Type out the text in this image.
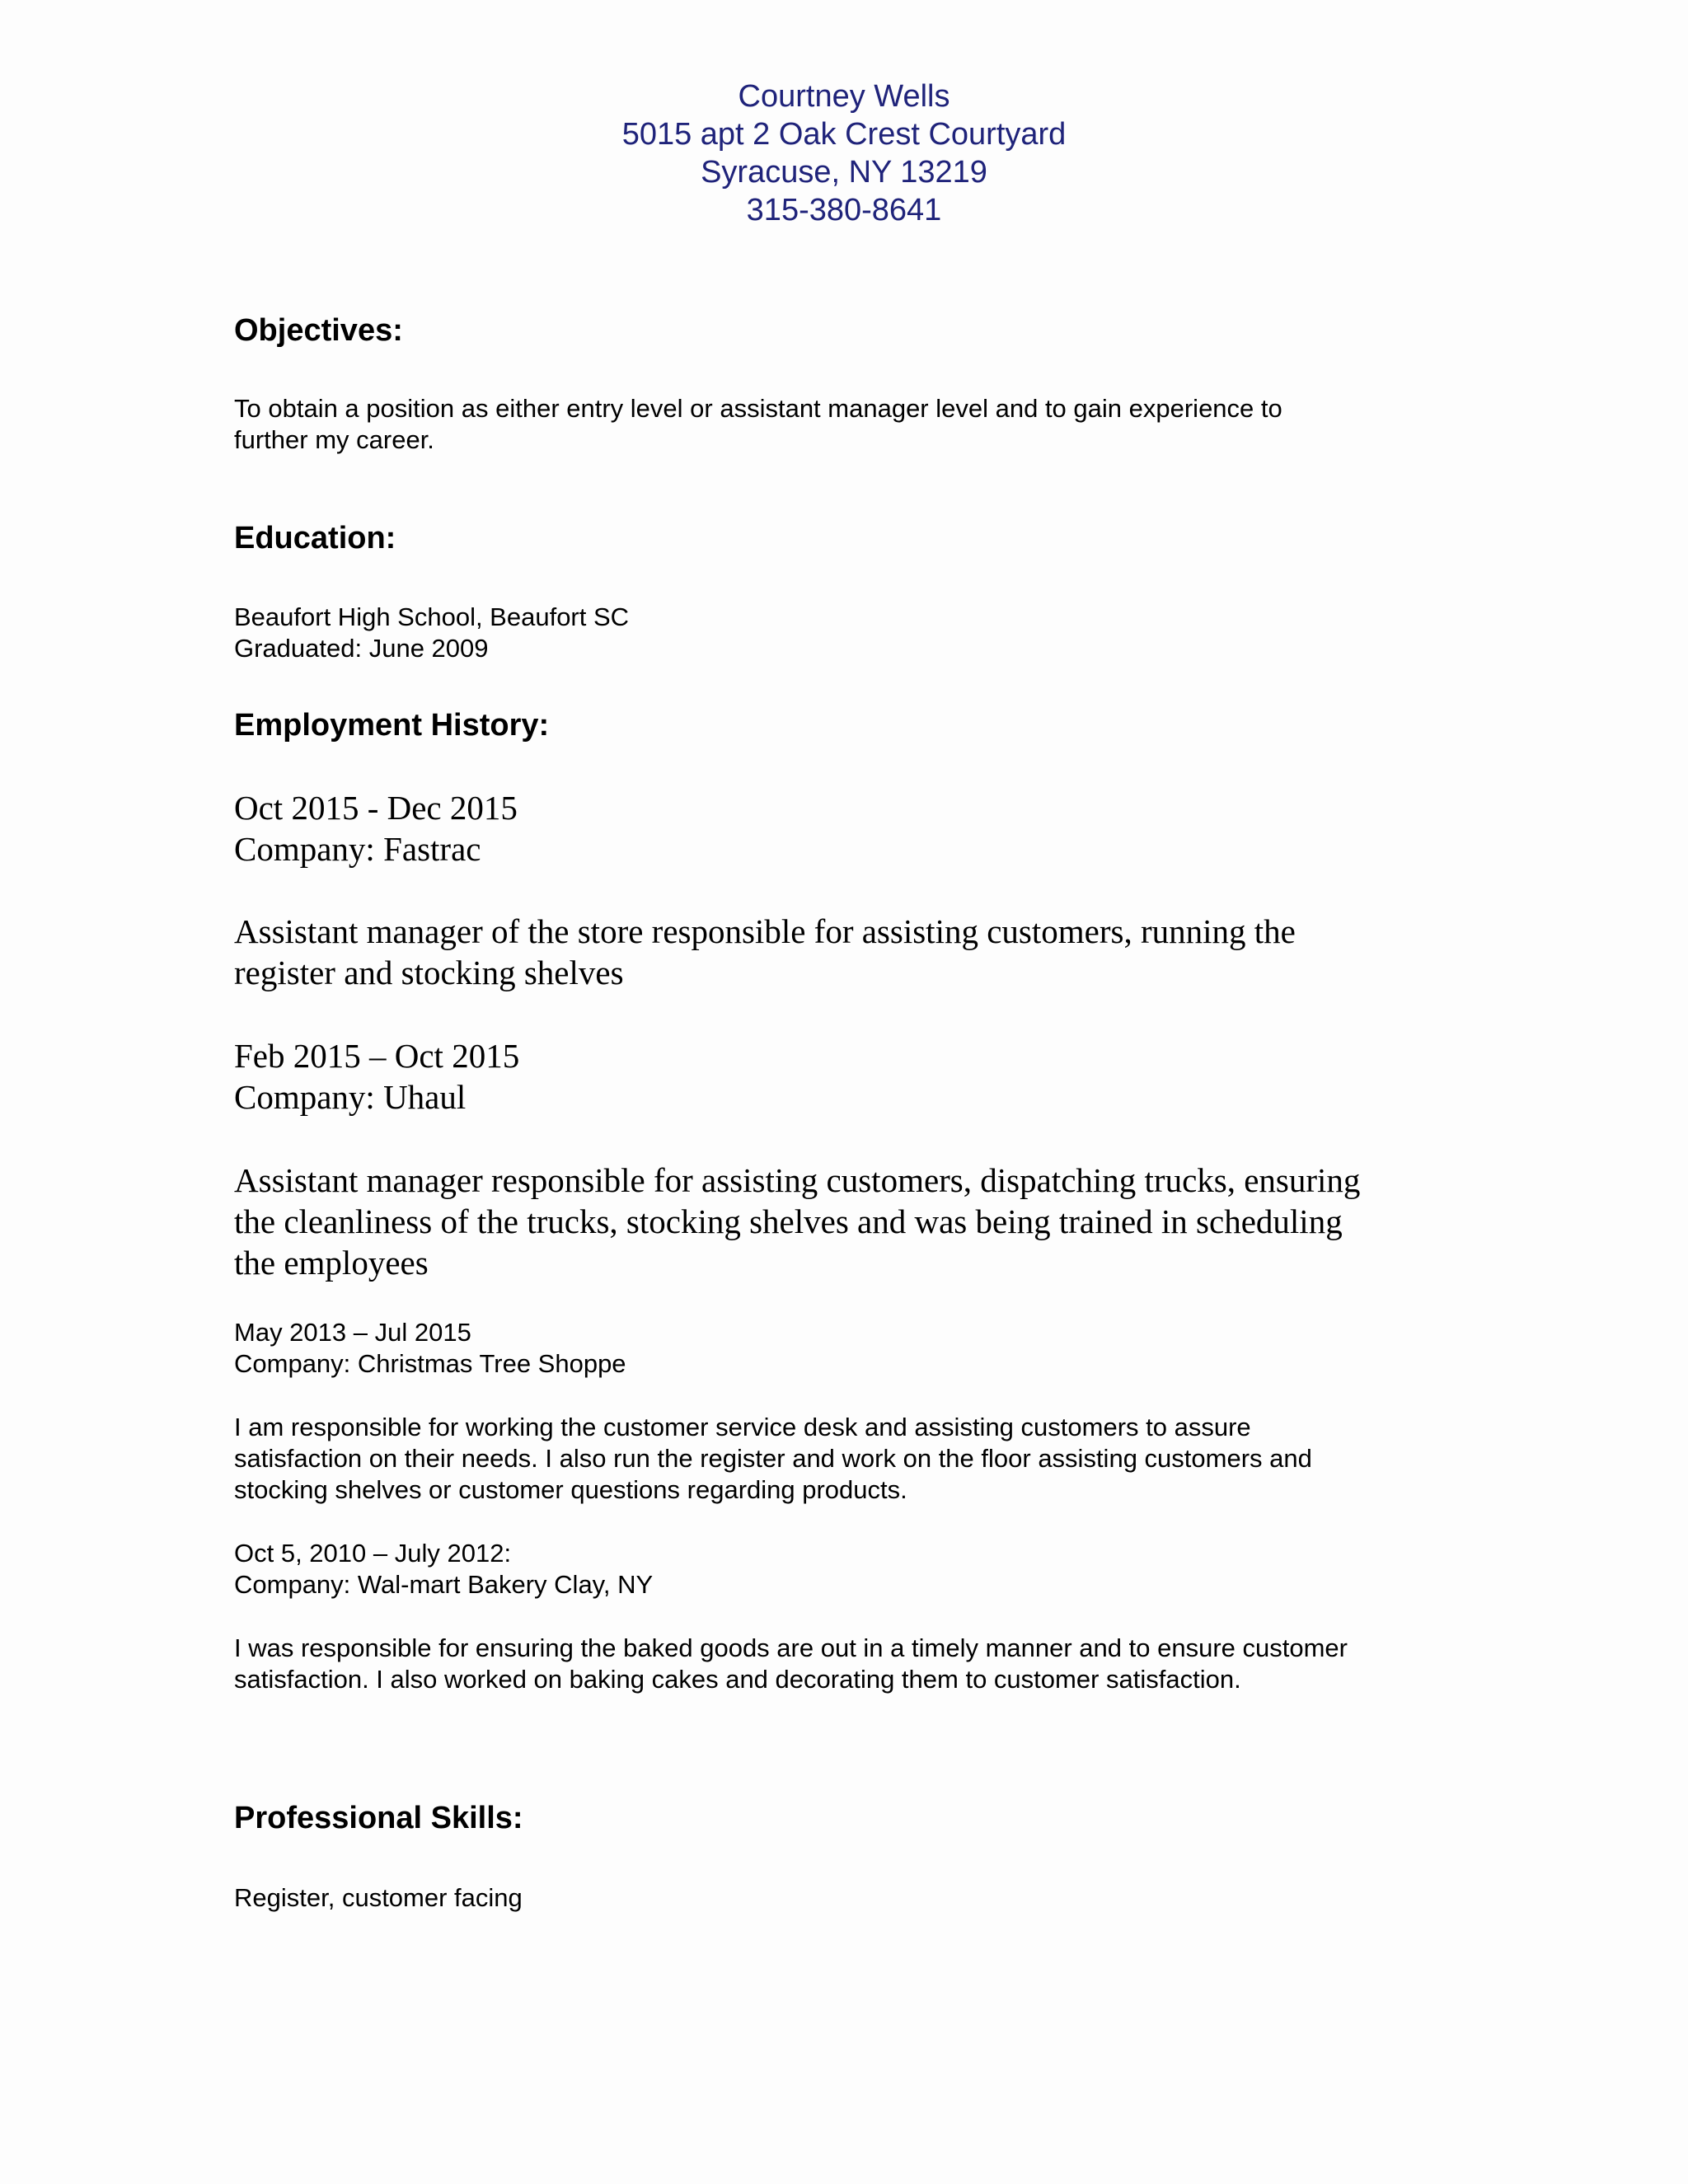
Courtney Wells
5015 apt 2 Oak Crest Courtyard
Syracuse, NY 13219
315-380-8641
Objectives:
To obtain a position as either entry level or assistant manager level and to gain experience to
further my career.
Education:
Beaufort High School, Beaufort SC
Graduated: June 2009
Employment History:
Oct 2015 - Dec 2015
Company: Fastrac
Assistant manager of the store responsible for assisting customers, running the
register and stocking shelves
Feb 2015 – Oct 2015
Company: Uhaul
Assistant manager responsible for assisting customers, dispatching trucks, ensuring
the cleanliness of the trucks, stocking shelves and was being trained in scheduling
the employees
May 2013 – Jul 2015
Company: Christmas Tree Shoppe
I am responsible for working the customer service desk and assisting customers to assure
satisfaction on their needs. I also run the register and work on the floor assisting customers and
stocking shelves or customer questions regarding products.
Oct 5, 2010 – July 2012:
Company: Wal-mart Bakery Clay, NY
I was responsible for ensuring the baked goods are out in a timely manner and to ensure customer
satisfaction. I also worked on baking cakes and decorating them to customer satisfaction.
Professional Skills:
Register, customer facing
